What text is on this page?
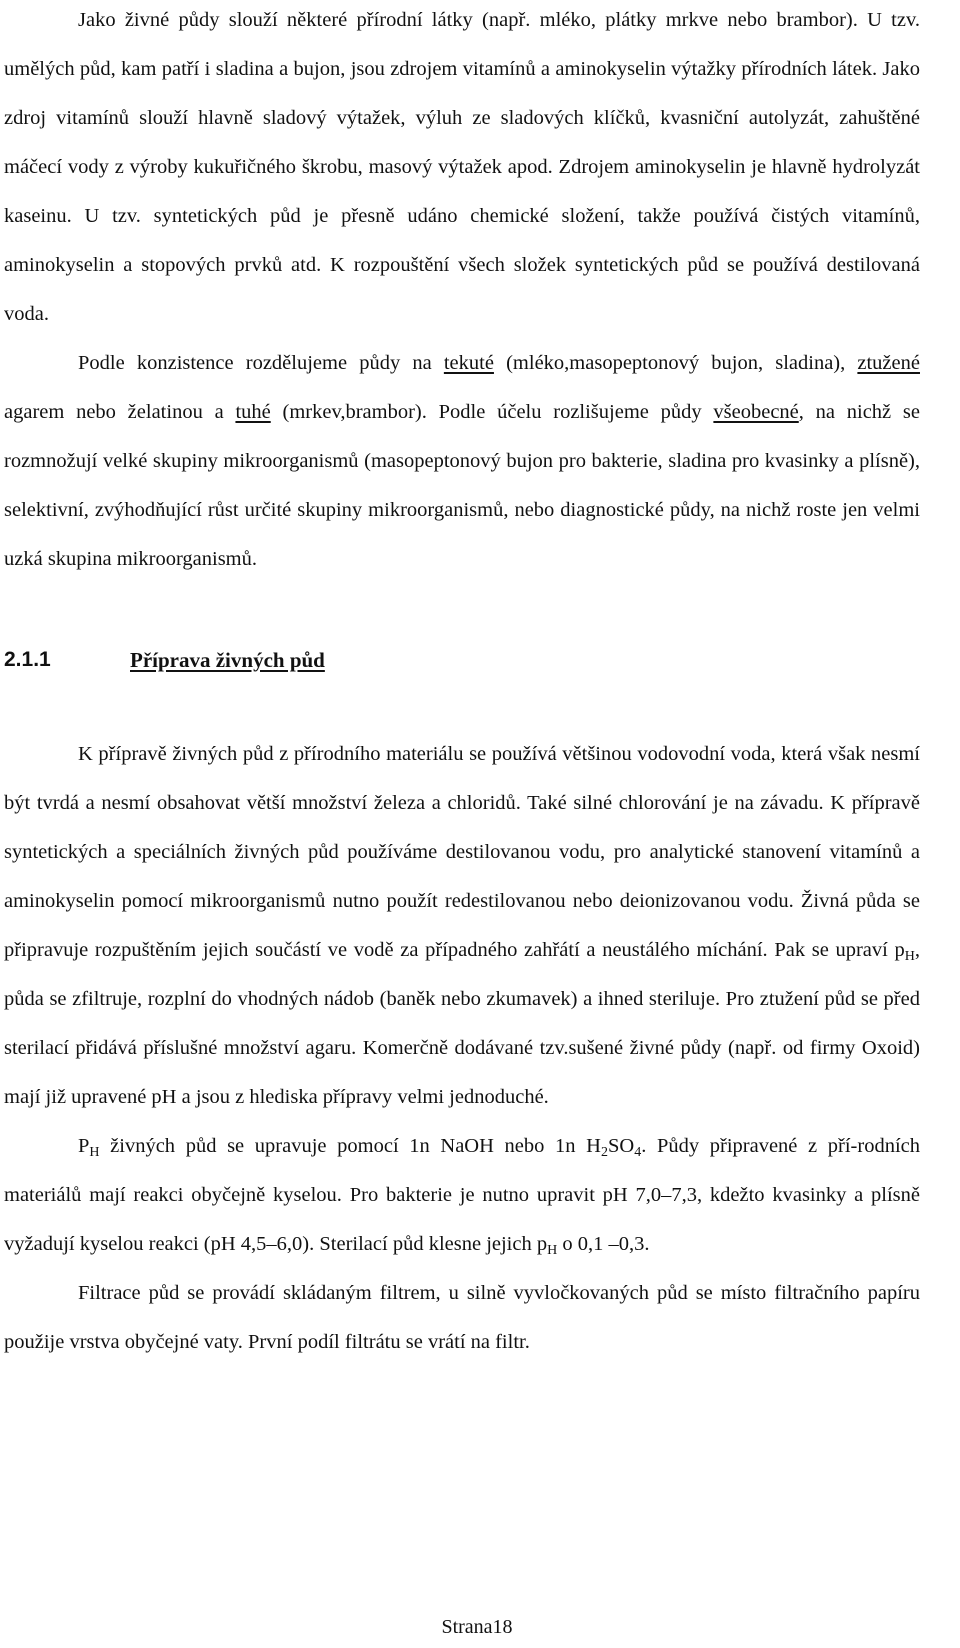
Jako živné půdy slouží některé přírodní látky (např. mléko, plátky mrkve nebo brambor). U tzv. umělých půd, kam patří i sladina a bujon, jsou zdrojem vitamínů a aminokyselin výtažky přírodních látek. Jako zdroj vitamínů slouží hlavně sladový výtažek, výluh ze sladových klíčků, kvasniční autolyzát, zahuštěné máčecí vody z výroby kukuřičného škrobu, masový výtažek apod. Zdrojem aminokyselin je hlavně hydrolyzát kaseinu. U tzv. syntetických půd je přesně udáno chemické složení, takže používá čistých vitamínů, aminokyselin a stopových prvků atd. K rozpouštění všech složek syntetických půd se používá destilovaná voda.

Podle konzistence rozdělujeme půdy na tekuté (mléko,masopeptonový bujon, sladina), ztužené agarem nebo želatinou a tuhé (mrkev,brambor). Podle účelu rozlišujeme půdy všeobecné, na nichž se rozmnožují velké skupiny mikroorganismů (masopeptonový bujon pro bakterie, sladina pro kvasinky a plísně), selektivní, zvýhodňující růst určité skupiny mikroorganismů, nebo diagnostické půdy, na nichž roste jen velmi uzká skupina mikroorganismů.

2.1.1	Příprava živných půd

K přípravě živných půd z přírodního materiálu se používá většinou vodovodní voda, která však nesmí být tvrdá a nesmí obsahovat větší množství železa a chloridů. Také silné chlorování je na závadu. K přípravě syntetických a speciálních živných půd používáme destilovanou vodu, pro analytické stanovení vitamínů a aminokyselin pomocí mikroorganismů nutno použít redestilovanou nebo deionizovanou vodu. Živná půda se připravuje rozpuštěním jejich součástí ve vodě za případného zahřátí a neustálého míchání. Pak se upraví $p_H$, půda se zfiltruje, rozplní do vhodných nádob (baněk nebo zkumavek) a ihned steriluje. Pro ztužení půd se před sterilací přidává příslušné množství agaru. Komerčně dodávané tzv.sušené živné půdy (např. od firmy Oxoid) mají již upravené pH a jsou z hlediska přípravy velmi jednoduché.

$P_H$ živných půd se upravuje pomocí 1n NaOH nebo 1n $H_2SO_4$. Půdy připravené z pří-rodních materiálů mají reakci obyčejně kyselou. Pro bakterie je nutno upravit pH 7,0–7,3, kdežto kvasinky a plísně vyžadují kyselou reakci (pH 4,5–6,0). Sterilací půd klesne jejich $p_H$ o 0,1 –0,3.

Filtrace půd se provádí skládaným filtrem, u silně vyvločkovaných půd se místo filtračního papíru použije vrstva obyčejné vaty. První podíl filtrátu se vrátí na filtr.

Strana18
